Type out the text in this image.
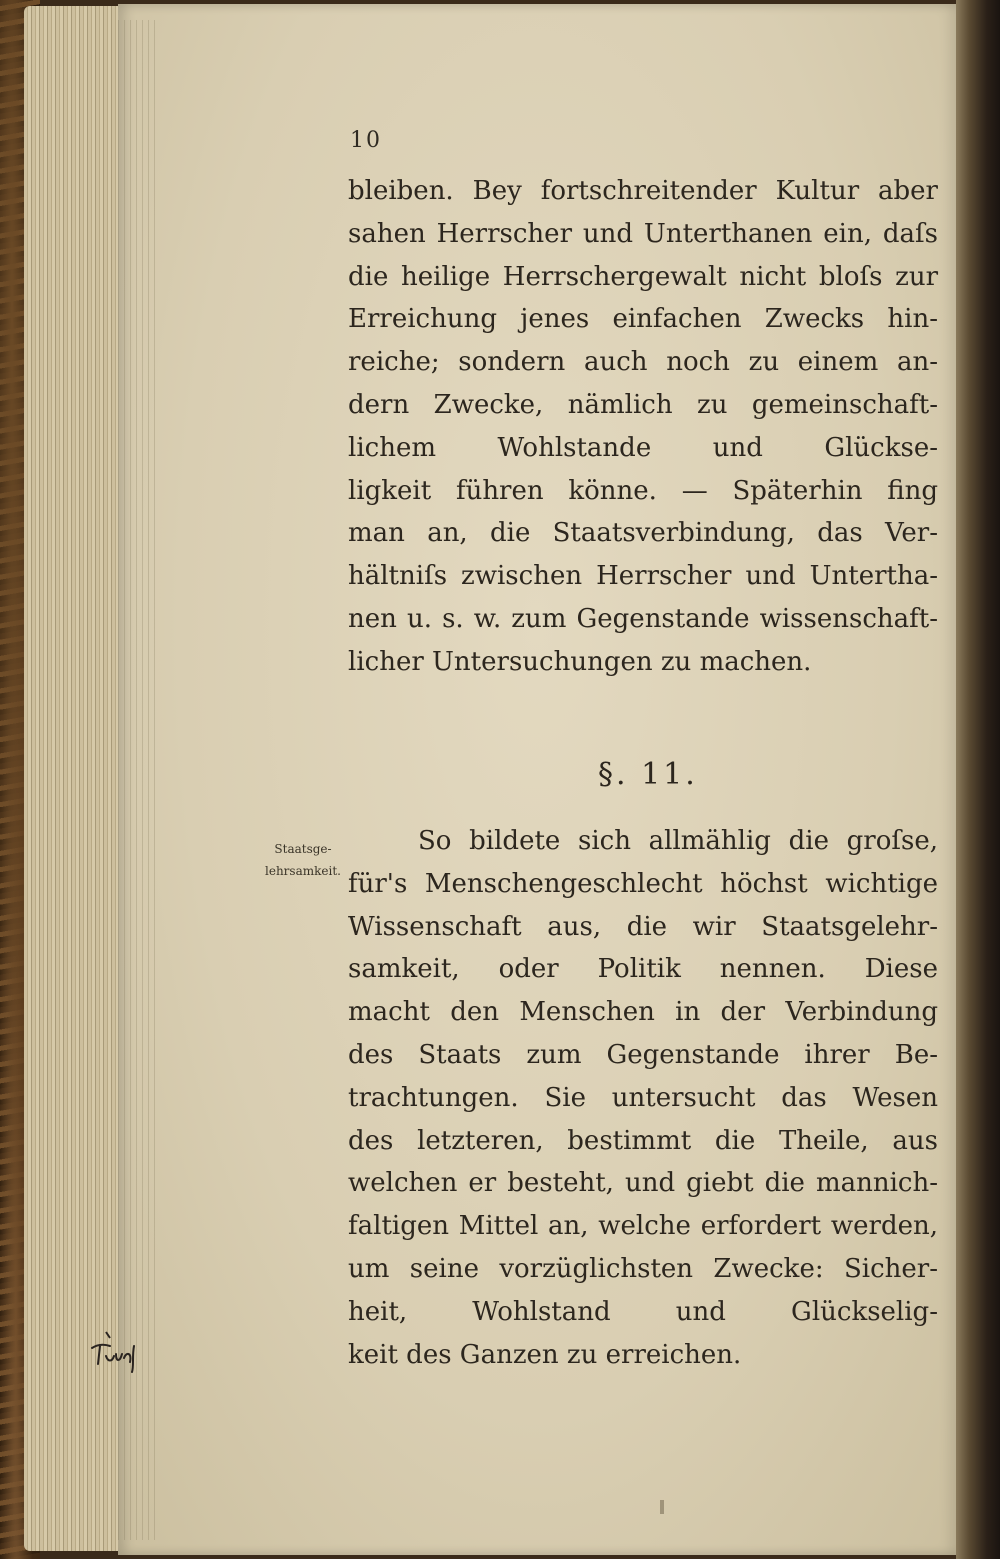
10
bleiben. Bey fortschreitender Kultur aber
sahen Herrscher und Unterthanen ein, daſs
die heilige Herrschergewalt nicht bloſs zur
Erreichung jenes einfachen Zwecks hin-
reiche; sondern auch noch zu einem an-
dern Zwecke, nämlich zu gemeinschaft-
lichem Wohlstande und Glückse-
ligkeit führen könne. — Späterhin fing
man an, die Staatsverbindung, das Ver-
hältniſs zwischen Herrscher und Untertha-
nen u. s. w. zum Gegenstande wissenschaft-
licher Untersuchungen zu machen.
§. 11.
Staatsge-
lehrsamkeit.
So bildete sich allmählig die groſse,
für's Menschengeschlecht höchst wichtige
Wissenschaft aus, die wir Staatsgelehr-
samkeit, oder Politik nennen. Diese
macht den Menschen in der Verbindung
des Staats zum Gegenstande ihrer Be-
trachtungen. Sie untersucht das Wesen
des letzteren, bestimmt die Theile, aus
welchen er besteht, und giebt die mannich-
faltigen Mittel an, welche erfordert werden,
um seine vorzüglichsten Zwecke: Sicher-
heit, Wohlstand und Glückselig-
keit des Ganzen zu erreichen.
